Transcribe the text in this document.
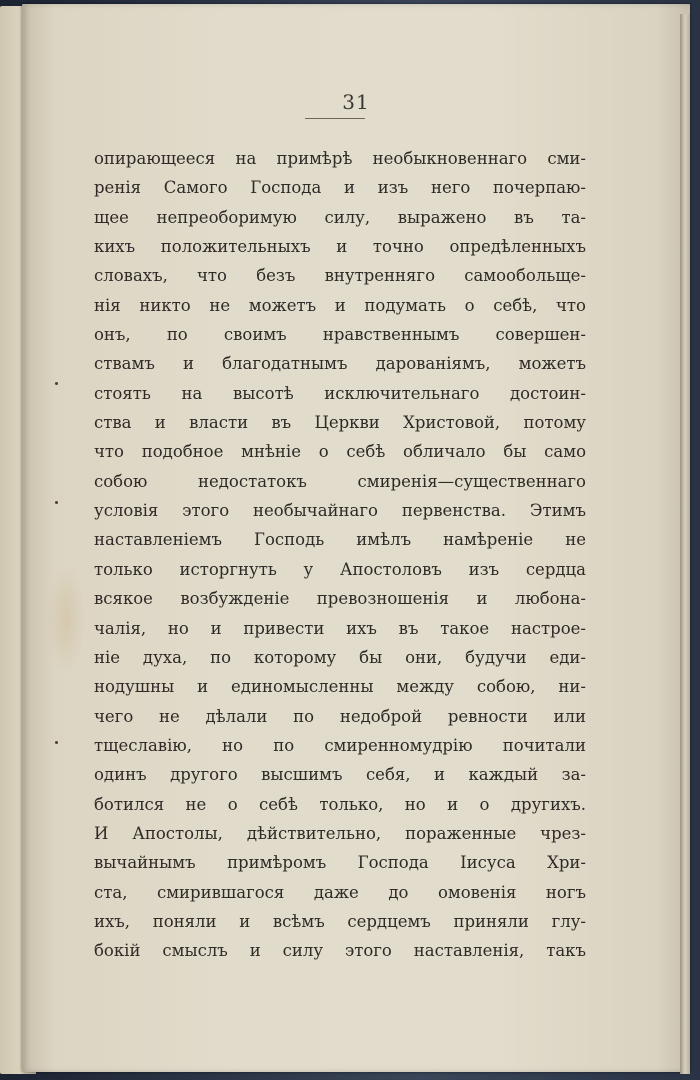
31
опирающееся на примѣрѣ необыкновеннаго сми-
ренія Самого Господа и изъ него почерпаю-
щее непреоборимую силу, выражено въ та-
кихъ положительныхъ и точно опредѣленныхъ
словахъ, что безъ внутренняго самообольще-
нія никто не можетъ и подумать о себѣ, что
онъ, по своимъ нравственнымъ совершен-
ствамъ и благодатнымъ дарованіямъ, можетъ
стоять на высотѣ исключительнаго достоин-
ства и власти въ Церкви Христовой, потому
что подобное мнѣніе о себѣ обличало бы само
собою недостатокъ смиренія—существеннаго
условія этого необычайнаго первенства. Этимъ
наставленіемъ Господь имѣлъ намѣреніе не
только исторгнуть у Апостоловъ изъ сердца
всякое возбужденіе превозношенія и любона-
чалія, но и привести ихъ въ такое настрое-
ніе духа, по которому бы они, будучи еди-
нодушны и единомысленны между собою, ни-
чего не дѣлали по недоброй ревности или
тщеславію, но по смиренномудрію почитали
одинъ другого высшимъ себя, и каждый за-
ботился не о себѣ только, но и о другихъ.
И Апостолы, дѣйствительно, пораженные чрез-
вычайнымъ примѣромъ Господа Іисуса Хри-
ста, смирившагося даже до омовенія ногъ
ихъ, поняли и всѣмъ сердцемъ приняли глу-
бокій смыслъ и силу этого наставленія, такъ
